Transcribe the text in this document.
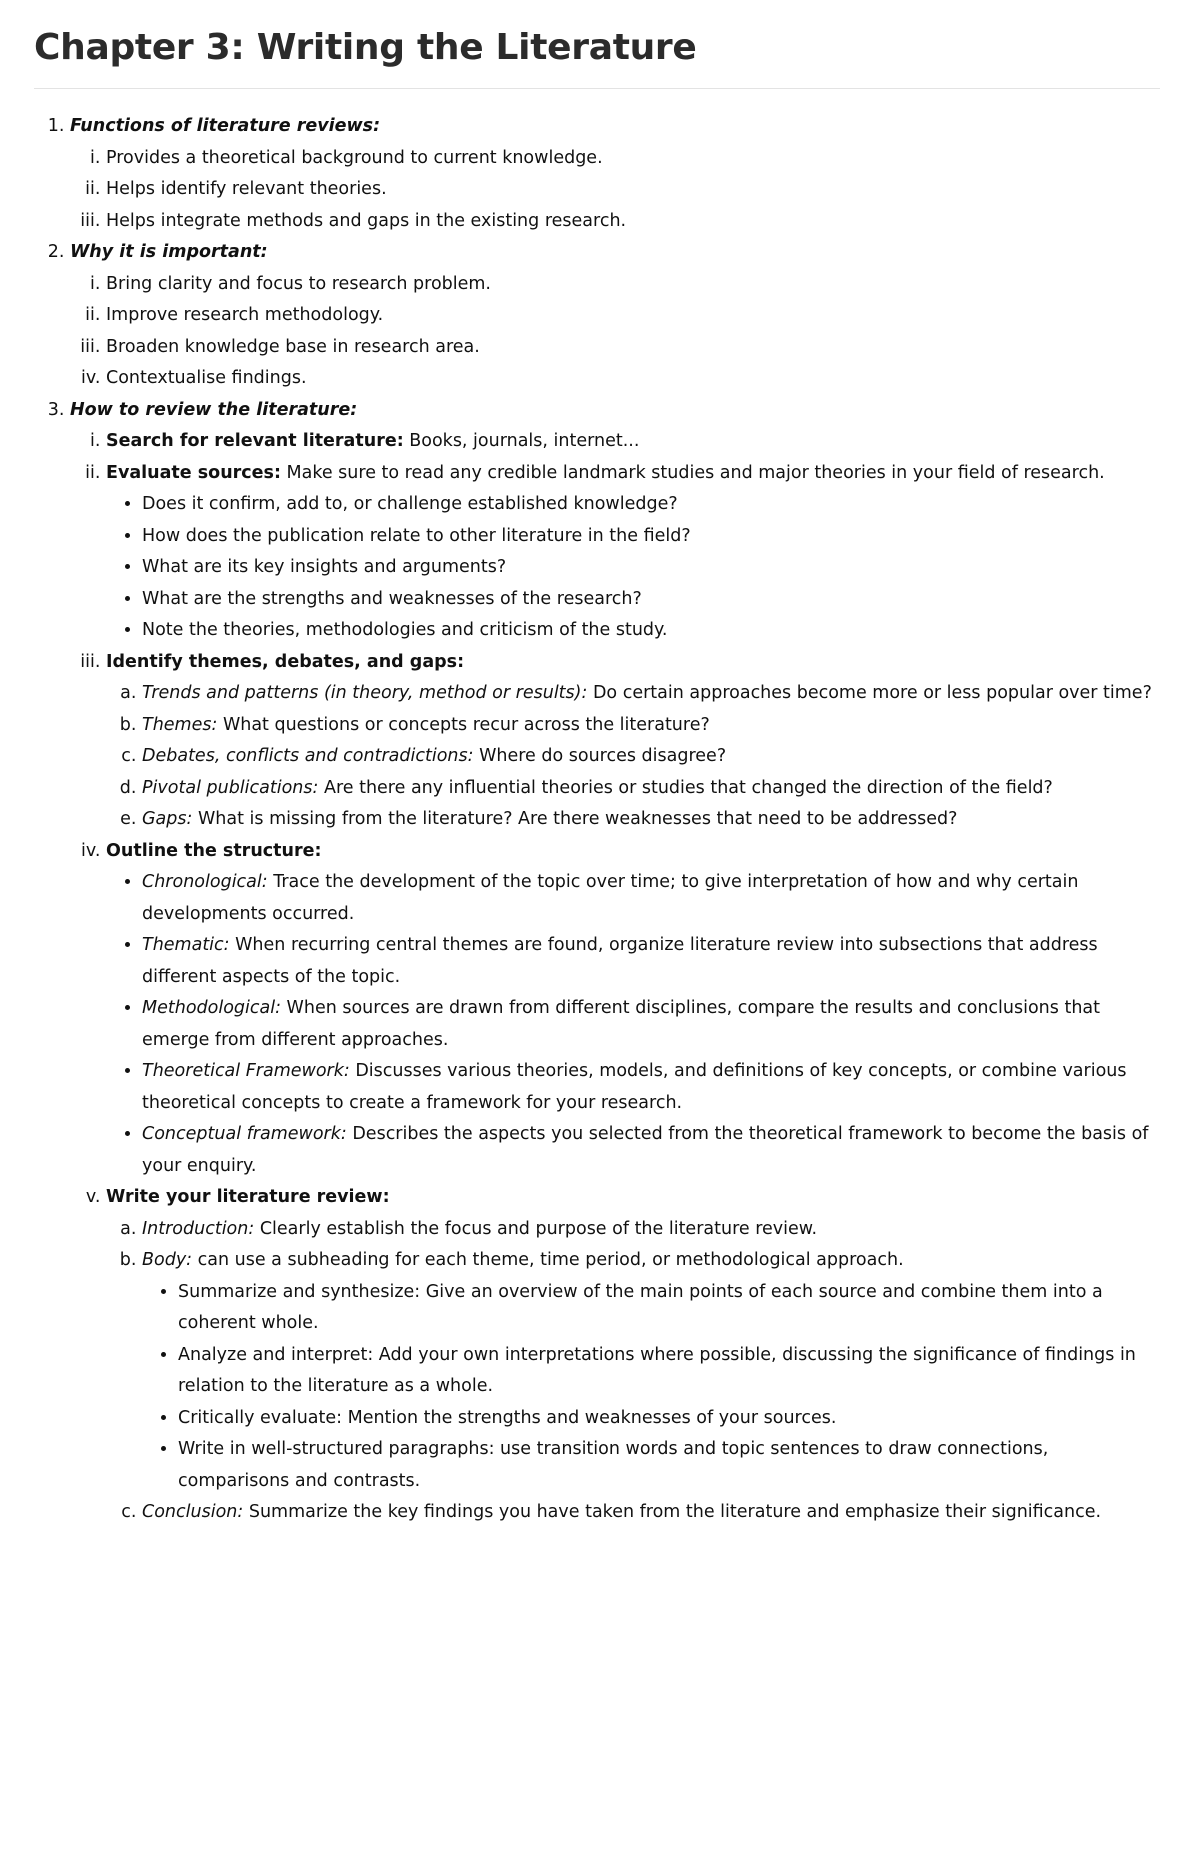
Chapter 3: Writing the Literature
1. Functions of literature reviews:
i. Provides a theoretical background to current knowledge.
ii. Helps identify relevant theories.
iii. Helps integrate methods and gaps in the existing research.
2. Why it is important:
i. Bring clarity and focus to research problem.
ii. Improve research methodology.
iii. Broaden knowledge base in research area.
iv. Contextualise findings.
3. How to review the literature:
i. Search for relevant literature: Books, journals, internet...
ii. Evaluate sources: Make sure to read any credible landmark studies and major theories in your field of research.
• Does it confirm, add to, or challenge established knowledge?
• How does the publication relate to other literature in the field?
• What are its key insights and arguments?
• What are the strengths and weaknesses of the research?
• Note the theories, methodologies and criticism of the study.
iii. Identify themes, debates, and gaps:
a. Trends and patterns (in theory, method or results): Do certain approaches become more or less popular over time?
b. Themes: What questions or concepts recur across the literature?
c. Debates, conflicts and contradictions: Where do sources disagree?
d. Pivotal publications: Are there any influential theories or studies that changed the direction of the field?
e. Gaps: What is missing from the literature? Are there weaknesses that need to be addressed?
iv. Outline the structure:
• Chronological: Trace the development of the topic over time; to give interpretation of how and why certain developments occurred.
• Thematic: When recurring central themes are found, organize literature review into subsections that address different aspects of the topic.
• Methodological: When sources are drawn from different disciplines, compare the results and conclusions that emerge from different approaches.
• Theoretical Framework: Discusses various theories, models, and definitions of key concepts, or combine various theoretical concepts to create a framework for your research.
• Conceptual framework: Describes the aspects you selected from the theoretical framework to become the basis of your enquiry.
v. Write your literature review:
a. Introduction: Clearly establish the focus and purpose of the literature review.
b. Body: can use a subheading for each theme, time period, or methodological approach.
• Summarize and synthesize: Give an overview of the main points of each source and combine them into a coherent whole.
• Analyze and interpret: Add your own interpretations where possible, discussing the significance of findings in relation to the literature as a whole.
• Critically evaluate: Mention the strengths and weaknesses of your sources.
• Write in well-structured paragraphs: use transition words and topic sentences to draw connections, comparisons and contrasts.
c. Conclusion: Summarize the key findings you have taken from the literature and emphasize their significance.
